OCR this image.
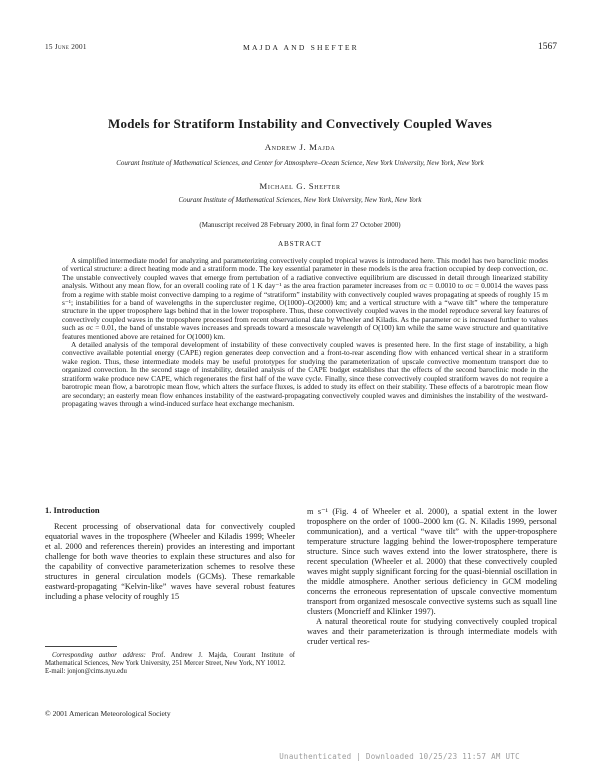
15 June 2001	MAJDA AND SHEFTER	1567
Models for Stratiform Instability and Convectively Coupled Waves
Andrew J. Majda
Courant Institute of Mathematical Sciences, and Center for Atmosphere–Ocean Science, New York University, New York, New York
Michael G. Shefter
Courant Institute of Mathematical Sciences, New York University, New York, New York
(Manuscript received 28 February 2000, in final form 27 October 2000)
ABSTRACT

A simplified intermediate model for analyzing and parameterizing convectively coupled tropical waves is introduced here. This model has two baroclinic modes of vertical structure: a direct heating mode and a stratiform mode. The key essential parameter in these models is the area fraction occupied by deep convection, σc. The unstable convectively coupled waves that emerge from pertubation of a radiative convective equilibrium are discussed in detail through linearized stability analysis. Without any mean flow, for an overall cooling rate of 1 K day⁻¹ as the area fraction parameter increases from σc = 0.0010 to σc = 0.0014 the waves pass from a regime with stable moist convective damping to a regime of “stratiform” instability with convectively coupled waves propagating at speeds of roughly 15 m s⁻¹; instabilities for a band of wavelengths in the supercluster regime, O(1000)–O(2000) km; and a vertical structure with a “wave tilt” where the temperature structure in the upper troposphere lags behind that in the lower troposphere. Thus, these convectively coupled waves in the model reproduce several key features of convectively coupled waves in the troposphere processed from recent observational data by Wheeler and Kiladis. As the parameter σc is increased further to values such as σc = 0.01, the band of unstable waves increases and spreads toward a mesoscale wavelength of O(100) km while the same wave structure and quantitative features mentioned above are retained for O(1000) km.

A detailed analysis of the temporal development of instability of these convectively coupled waves is presented here. In the first stage of instability, a high convective available potential energy (CAPE) region generates deep convection and a front-to-rear ascending flow with enhanced vertical shear in a stratiform wake region. Thus, these intermediate models may be useful prototypes for studying the parameterization of upscale convective momentum transport due to organized convection. In the second stage of instability, detailed analysis of the CAPE budget establishes that the effects of the second baroclinic mode in the stratiform wake produce new CAPE, which regenerates the first half of the wave cycle. Finally, since these convectively coupled stratiform waves do not require a barotropic mean flow, a barotropic mean flow, which alters the surface fluxes, is added to study its effect on their stability. These effects of a barotropic mean flow are secondary; an easterly mean flow enhances instability of the eastward-propagating convectively coupled waves and diminishes the instability of the westward-propagating waves through a wind-induced surface heat exchange mechanism.

1. Introduction

Recent processing of observational data for convectively coupled equatorial waves in the troposphere (Wheeler and Kiladis 1999; Wheeler et al. 2000 and references therein) provides an interesting and important challenge for both wave theories to explain these structures and also for the capability of convective parameterization schemes to resolve these structures in general circulation models (GCMs). These remarkable eastward-propagating “Kelvin-like” waves have several robust features including a phase velocity of roughly 15

Corresponding author address: Prof. Andrew J. Majda, Courant Institute of Mathematical Sciences, New York University, 251 Mercer Street, New York, NY 10012.

E-mail: jonjon@cims.nyu.edu

m s⁻¹ (Fig. 4 of Wheeler et al. 2000), a spatial extent in the lower troposphere on the order of 1000–2000 km (G. N. Kiladis 1999, personal communication), and a vertical “wave tilt” with the upper-troposphere temperature structure lagging behind the lower-troposphere temperature structure. Since such waves extend into the lower stratosphere, there is recent speculation (Wheeler et al. 2000) that these convectively coupled waves might supply significant forcing for the quasi-biennial oscillation in the middle atmosphere. Another serious deficiency in GCM modeling concerns the erroneous representation of upscale convective momentum transport from organized mesoscale convective systems such as squall line clusters (Moncrieff and Klinker 1997).

A natural theoretical route for studying convectively coupled tropical waves and their parameterization is through intermediate models with cruder vertical res-

© 2001 American Meteorological Society
Unauthenticated | Downloaded 10/25/23 11:57 AM UTC
